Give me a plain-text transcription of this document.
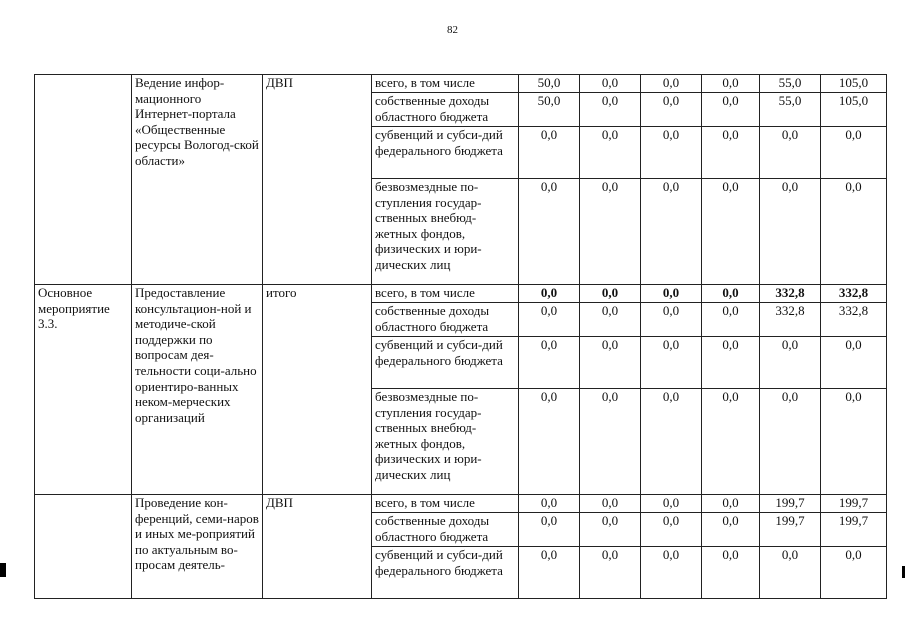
82
	Ведение инфор-мационного Интернет-портала «Общественные ресурсы Вологод-ской области»	ДВП	всего, в том числе	50,0	0,0	0,0	0,0	55,0	105,0
			собственные доходы областного бюджета	50,0	0,0	0,0	0,0	55,0	105,0
			субвенций и субси-дий федерального бюджета	0,0	0,0	0,0	0,0	0,0	0,0
			безвозмездные по-ступления государ-ственных внебюд-жетных фондов, физических и юри-дических лиц	0,0	0,0	0,0	0,0	0,0	0,0
Основное мероприятие 3.3.	Предоставление консультацион-ной и методиче-ской поддержки по вопросам дея-тельности соци-ально ориентиро-ванных неком-мерческих организаций	итого	всего, в том числе	0,0	0,0	0,0	0,0	332,8	332,8
			собственные доходы областного бюджета	0,0	0,0	0,0	0,0	332,8	332,8
			субвенций и субси-дий федерального бюджета	0,0	0,0	0,0	0,0	0,0	0,0
			безвозмездные по-ступления государ-ственных внебюд-жетных фондов, физических и юри-дических лиц	0,0	0,0	0,0	0,0	0,0	0,0
	Проведение кон-ференций, семи-наров и иных ме-роприятий по актуальным во-просам деятель-	ДВП	всего, в том числе	0,0	0,0	0,0	0,0	199,7	199,7
			собственные доходы областного бюджета	0,0	0,0	0,0	0,0	199,7	199,7
			субвенций и субси-дий федерального бюджета	0,0	0,0	0,0	0,0	0,0	0,0
